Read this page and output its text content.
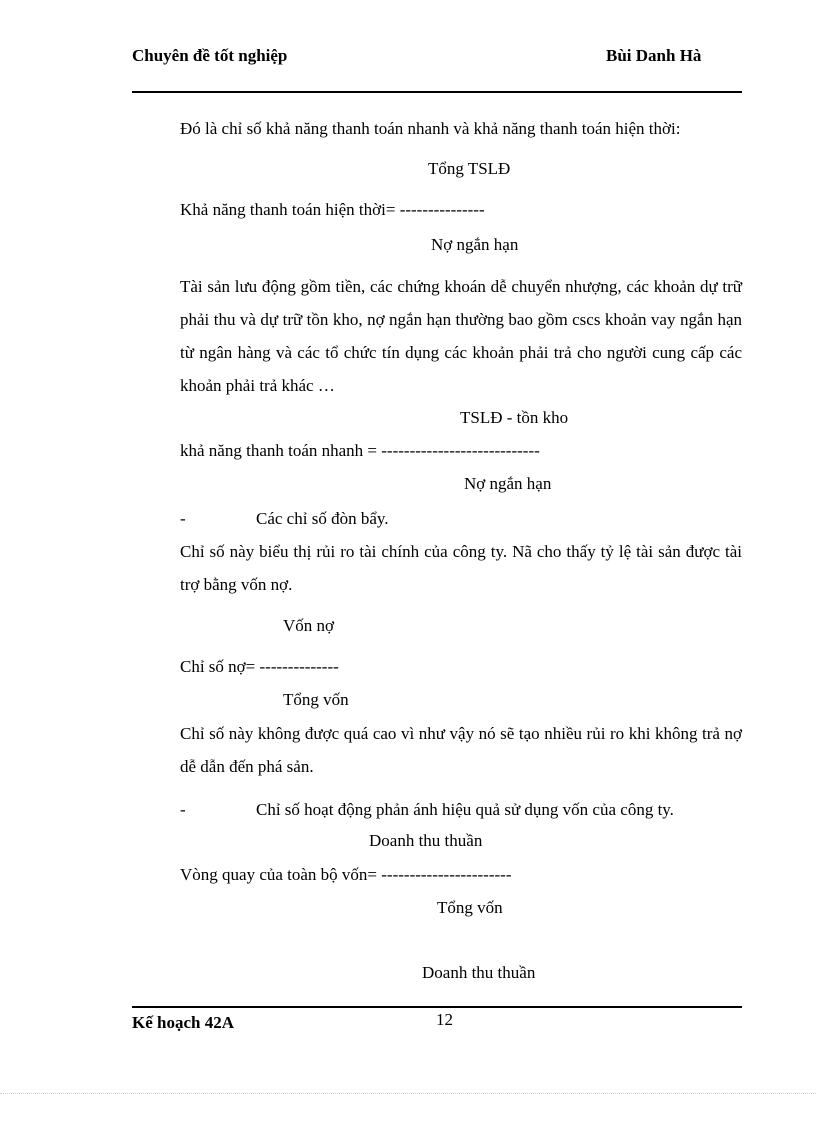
Chuyên đề tốt nghiệp	Bùi Danh Hà
Đó là chỉ số khả năng thanh toán nhanh và khả năng thanh toán hiện thời:
Tổng TSLĐ
Khả năng thanh toán hiện thời= ---------------
Nợ ngắn hạn
Tài sản lưu động gồm tiền, các chứng khoán dễ chuyển nhượng, các khoản dự trữ phải thu và dự trữ tồn kho, nợ ngắn hạn thường bao gồm cscs khoản vay ngắn hạn từ ngân hàng và các tổ chức tín dụng các khoản phải trả cho người cung cấp các khoản phải trả khác …
TSLĐ - tồn kho
khả năng thanh toán nhanh = ----------------------------
Nợ ngắn hạn
-	Các chỉ số đòn bẩy.
Chỉ số này biểu thị rủi ro tài chính của công ty. Nã cho thấy tỷ lệ tài sản được tài trợ bằng vốn nợ.
Vốn nợ
Chỉ số nợ= --------------
Tổng vốn
Chỉ số này không được quá cao vì như vậy nó sẽ tạo nhiều rủi ro khi không trả nợ dễ dẫn đến phá sản.
-	Chỉ số hoạt động phản ánh hiệu quả sử dụng vốn của công ty.
Doanh thu thuần
Vòng quay của toàn bộ vốn= -----------------------
Tổng vốn
Doanh thu thuần
Kế hoạch 42A	12
